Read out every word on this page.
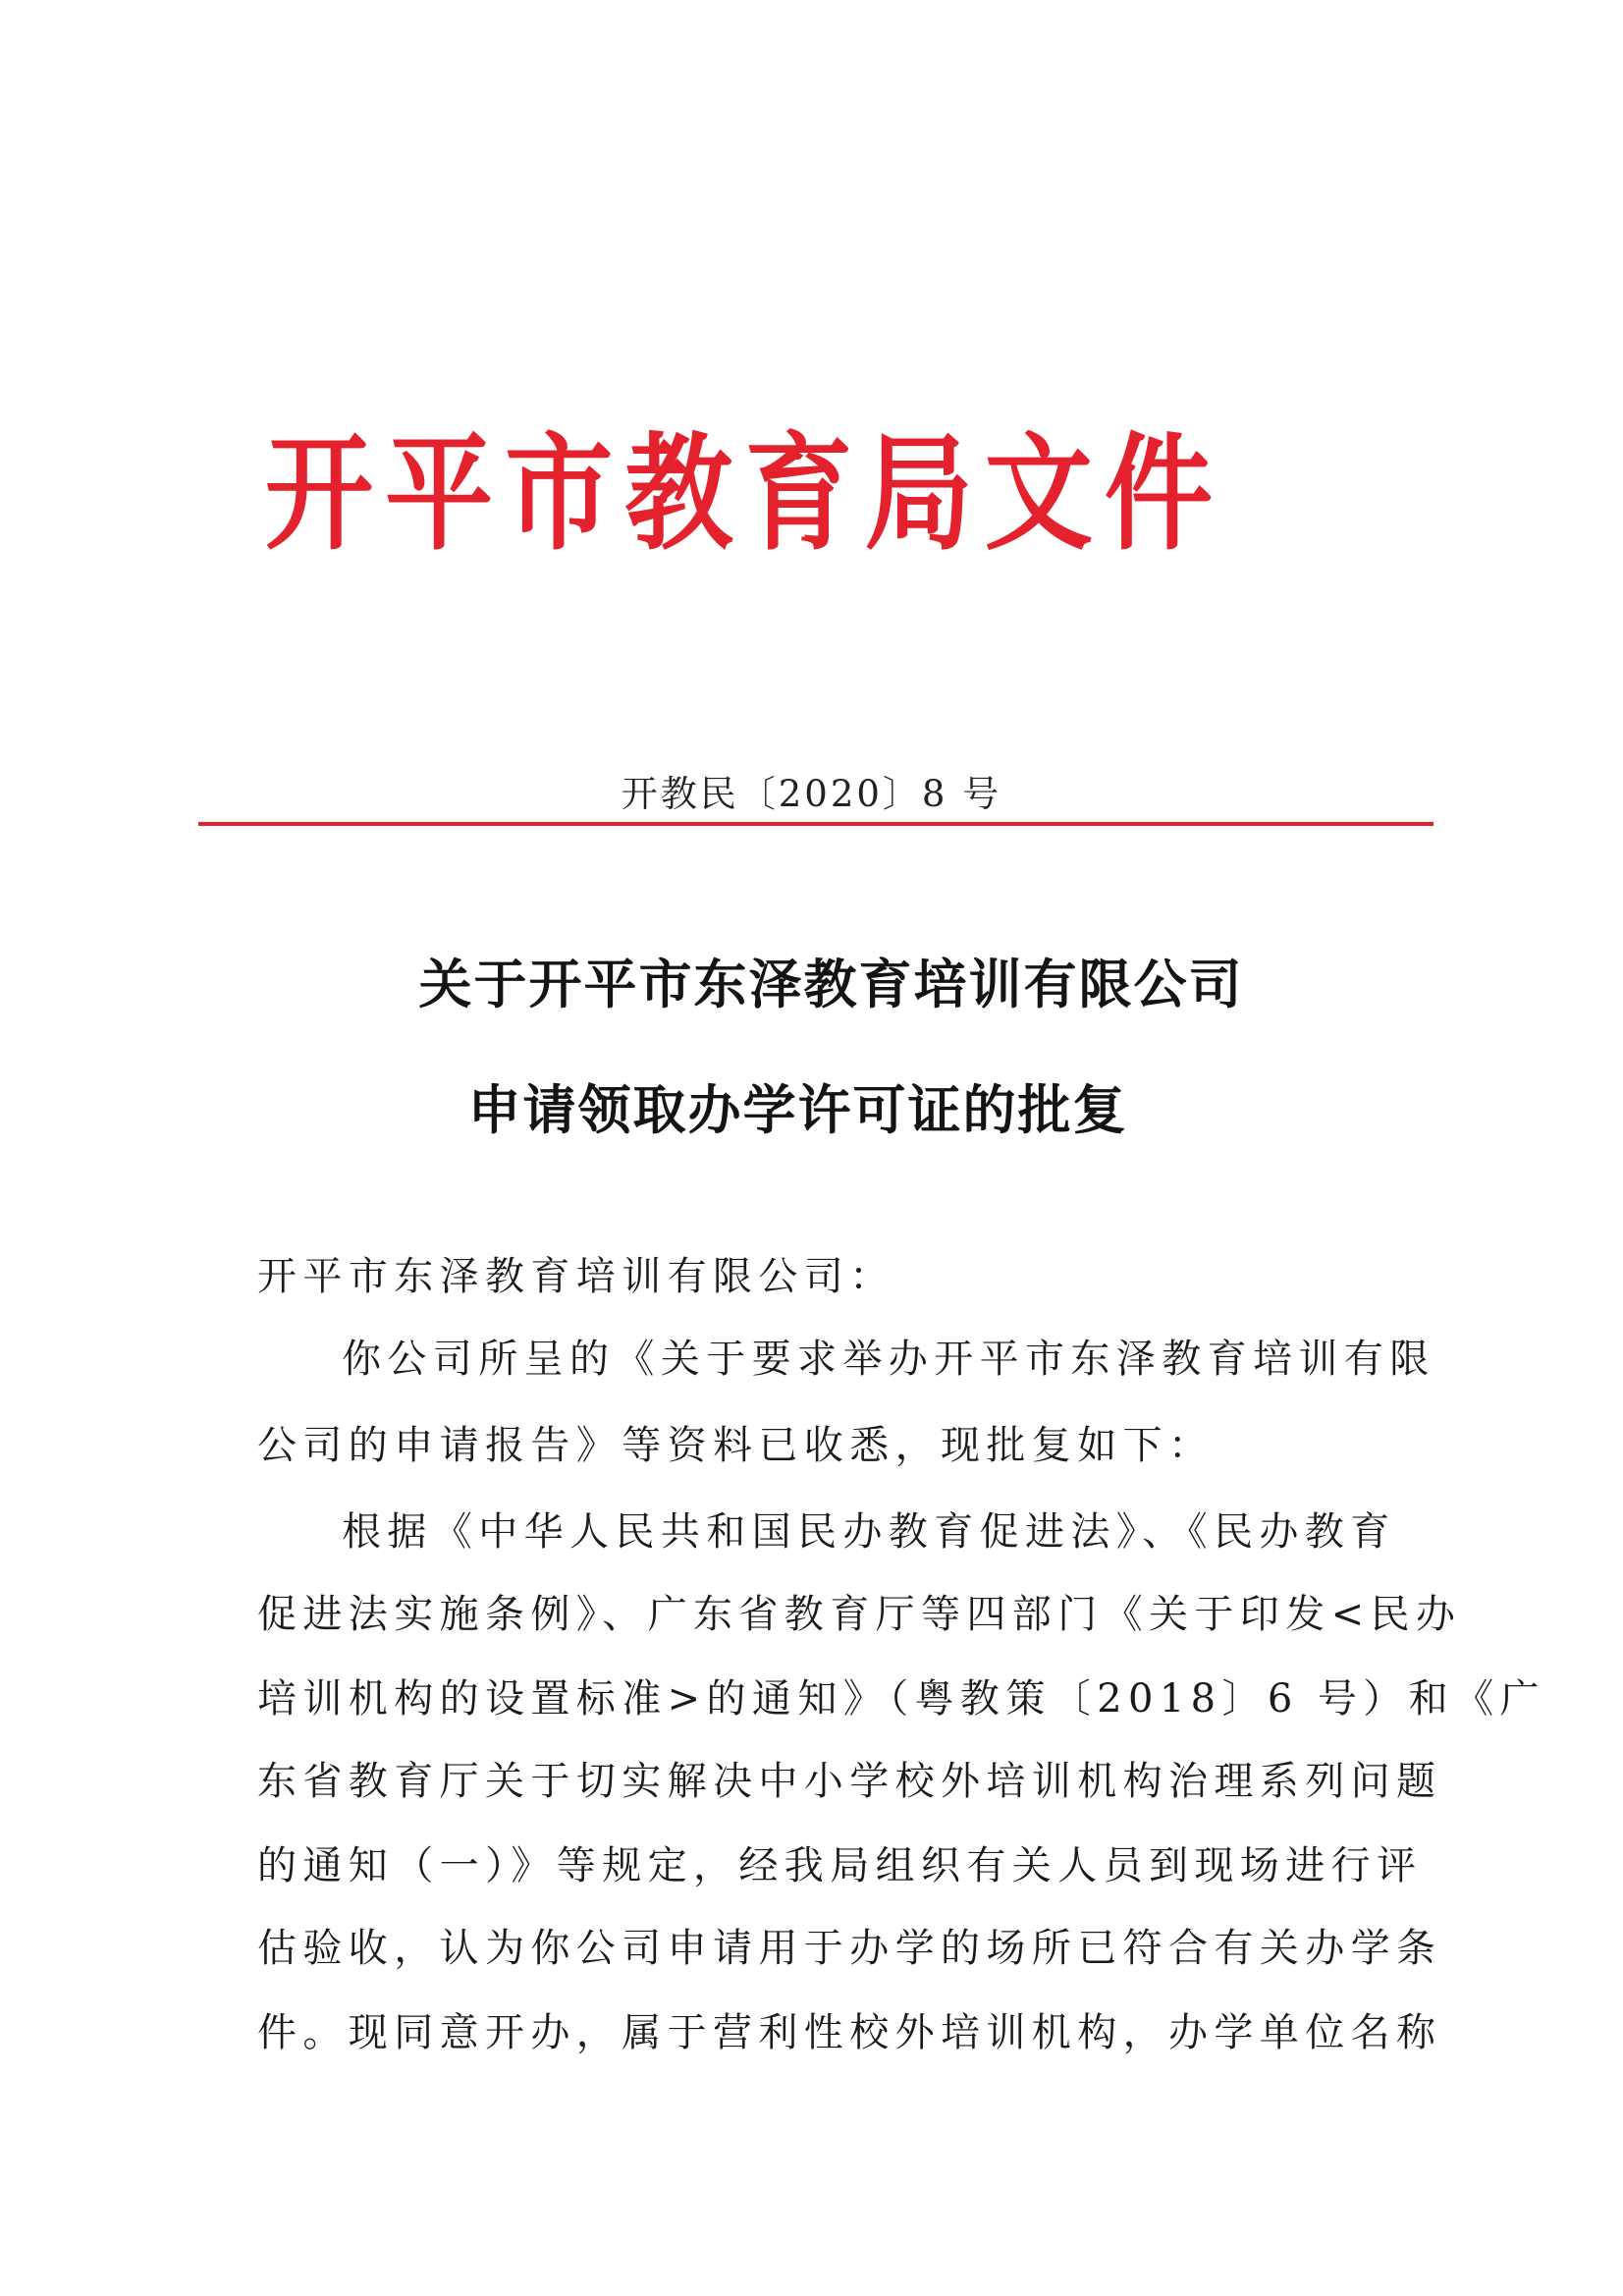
开平市教育局文件
开教民〔2020〕8 号
关于开平市东泽教育培训有限公司
申请领取办学许可证的批复
开平市东泽教育培训有限公司：
你公司所呈的《关于要求举办开平市东泽教育培训有限
公司的申请报告》等资料已收悉，现批复如下：
根据《中华人民共和国民办教育促进法》、《民办教育
促进法实施条例》、广东省教育厅等四部门《关于印发<民办
培训机构的设置标准>的通知》（粤教策〔2018〕6 号）和《广
东省教育厅关于切实解决中小学校外培训机构治理系列问题
的通知（一）》等规定，经我局组织有关人员到现场进行评
估验收，认为你公司申请用于办学的场所已符合有关办学条
件。现同意开办，属于营利性校外培训机构，办学单位名称
